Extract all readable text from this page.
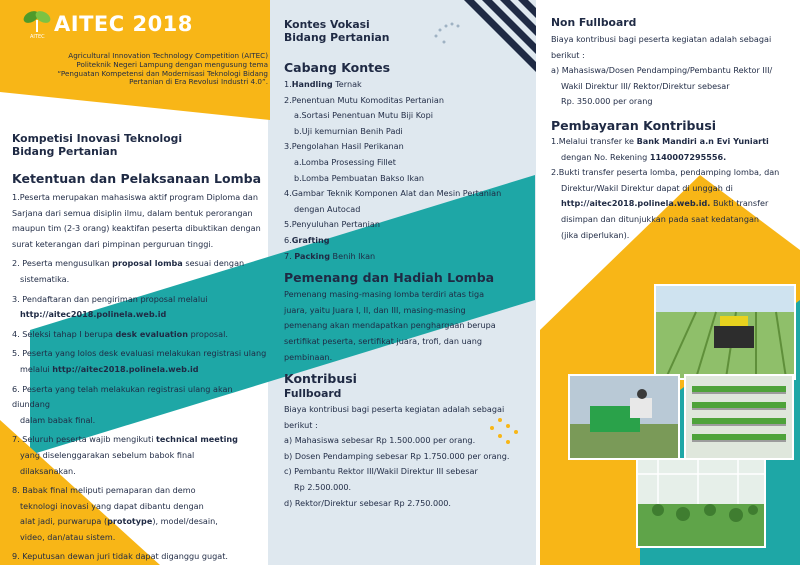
AITEC
AITEC 2018

Agricultural Innovation Technology Competition (AITEC)

Politeknik Negeri Lampung dengan mengusung tema

“Penguatan Kompetensi dan Modernisasi Teknologi Bidang

Pertanian di Era Revolusi Industri 4.0”.

Kompetisi Inovasi Teknologi

Bidang Pertanian

Ketentuan dan Pelaksanaan Lomba

1.Peserta merupakan mahasiswa aktif program Diploma dan

Sarjana dari semua disiplin ilmu, dalam bentuk perorangan

maupun tim (2-3 orang) keaktifan peserta dibuktikan dengan

surat keterangan dari pimpinan perguruan tinggi.

2. Peserta mengusulkan proposal lomba sesuai dengan

sistematika.

3. Pendaftaran dan pengiriman proposal melalui

http://aitec2018.polinela.web.id

4. Seleksi tahap I berupa desk evaluation proposal.

5. Peserta yang lolos desk evaluasi melakukan registrasi ulang

melalui http://aitec2018.polinela.web.id

6. Peserta yang telah melakukan registrasi ulang akan diundang

dalam babak final.

7. Seluruh peserta wajib mengikuti technical meeting

yang diselenggarakan sebelum babok final

dilaksanakan.

8. Babak final meliputi pemaparan dan demo

teknologi inovasi yang dapat dibantu dengan

alat jadi, purwarupa (prototype), model/desain,

video, dan/atau sistem.

9. Keputusan dewan juri tidak dapat diganggu gugat.

Kontes Vokasi

Bidang Pertanian

Cabang Kontes

1.Handling Ternak

2.Penentuan Mutu Komoditas Pertanian

a.Sortasi Penentuan Mutu Biji Kopi

b.Uji kemurnian Benih Padi

3.Pengolahan Hasil Perikanan

a.Lomba Prosessing Fillet

b.Lomba Pembuatan Bakso Ikan

4.Gambar Teknik Komponen Alat dan Mesin Pertanian

dengan Autocad

5.Penyuluhan Pertanian

6.Grafting

7. Packing Benih Ikan

Pemenang dan Hadiah Lomba

Pemenang masing-masing lomba terdiri atas tiga

juara, yaitu Juara I, II, dan III, masing-masing

pemenang akan mendapatkan penghargaan berupa

sertifikat peserta, sertifikat juara, trofi, dan uang

pembinaan.

Kontribusi

Fullboard

Biaya kontribusi bagi peserta kegiatan adalah sebagai

berikut :

a) Mahasiswa sebesar Rp 1.500.000 per orang.

b) Dosen Pendamping sebesar Rp 1.750.000 per orang.

c) Pembantu Rektor III/Wakil Direktur III sebesar

Rp 2.500.000.

d) Rektor/Direktur sebesar Rp 2.750.000.

Non Fullboard

Biaya kontribusi bagi peserta kegiatan adalah sebagai

berikut :

a) Mahasiswa/Dosen Pendamping/Pembantu Rektor III/

Wakil Direktur III/ Rektor/Direktur sebesar

Rp. 350.000 per orang

Pembayaran Kontribusi

1.Melalui transfer ke Bank Mandiri a.n Evi Yuniarti

dengan No. Rekening 1140007295556.

2.Bukti transfer peserta lomba, pendamping lomba, dan

Direktur/Wakil Direktur dapat di unggah di

http://aitec2018.polinela.web.id. Bukti transfer

disimpan dan ditunjukkan pada saat kedatangan

(jika diperlukan).
